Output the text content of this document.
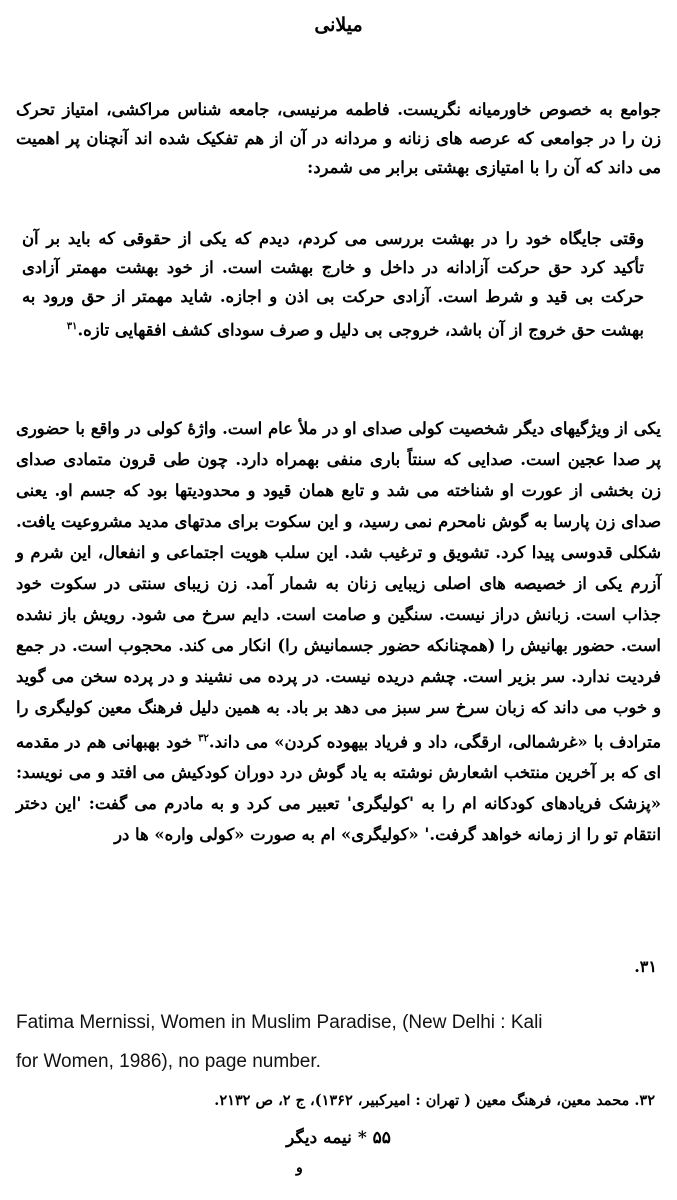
میلانی
جوامع به خصوص خاورمیانه نگریست. فاطمه مرنیسی، جامعه شناس مراکشی، امتیاز تحرک زن را در جوامعی که عرصه های زنانه و مردانه در آن از هم تفکیک شده اند آنچنان پر اهمیت می داند که آن را با امتیازی بهشتی برابر می شمرد:
وقتی جایگاه خود را در بهشت بررسی می کردم، دیدم که یکی از حقوقی که باید بر آن تأکید کرد حق حرکت آزادانه در داخل و خارج بهشت است. از خود بهشت مهمتر آزادی حرکت بی قید و شرط است. آزادی حرکت بی اذن و اجازه. شاید مهمتر از حق ورود به بهشت حق خروج از آن باشد، خروجی بی دلیل و صرف سودای کشف افقهایی تازه.$^{۳۱}$
یکی از ویژگیهای دیگر شخصیت کولی صدای او در ملأ عام است. واژهٔ کولی در واقع با حضوری پر صدا عجین است. صدایی که سنتاً باری منفی بهمراه دارد. چون طی قرون متمادی صدای زن بخشی از عورت او شناخته می شد و تابع همان قیود و محدودیتها بود که جسم او. یعنی صدای زن پارسا به گوش نامحرم نمی رسید، و این سکوت برای مدتهای مدید مشروعیت یافت. شکلی قدوسی پیدا کرد. تشویق و ترغیب شد. این سلب هویت اجتماعی و انفعال، این شرم و آزرم یکی از خصیصه های اصلی زیبایی زنان به شمار آمد. زن زیبای سنتی در سکوت خود جذاب است. زبانش دراز نیست. سنگین و صامت است. دایم سرخ می شود. رویش باز نشده است. حضور بهانیش را (همچنانکه حضور جسمانیش را) انکار می کند. محجوب است. در جمع فردیت ندارد. سر بزیر است. چشم دریده نیست. در پرده می نشیند و در پرده سخن می گوید و خوب می داند که زبان سرخ سر سبز می دهد بر باد. به همین دلیل فرهنگ معین کولیگری را مترادف با «غرشمالی، ارقگی، داد و فریاد بیهوده کردن» می داند.$^{۳۲}$ خود بهبهانی هم در مقدمه ای که بر آخرین منتخب اشعارش نوشته به یاد گوش درد دوران کودکیش می افتد و می نویسد: «پزشک فریادهای کودکانه ام را به 'کولیگری' تعبیر می کرد و به مادرم می گفت: 'این دختر انتقام تو را از زمانه خواهد گرفت.' «کولیگری» ام به صورت «کولی واره» ها در
.۳۱
Fatima Mernissi, Women in Muslim Paradise, (New Delhi : Kali
for Women, 1986), no page number.
۳۲. محمد معین، فرهنگ معین ( تهران : امیرکبیر، ۱۳۶۲)، ج ۲، ص ۲۱۳۲.
نیمه دیگر * ۵۵
و
